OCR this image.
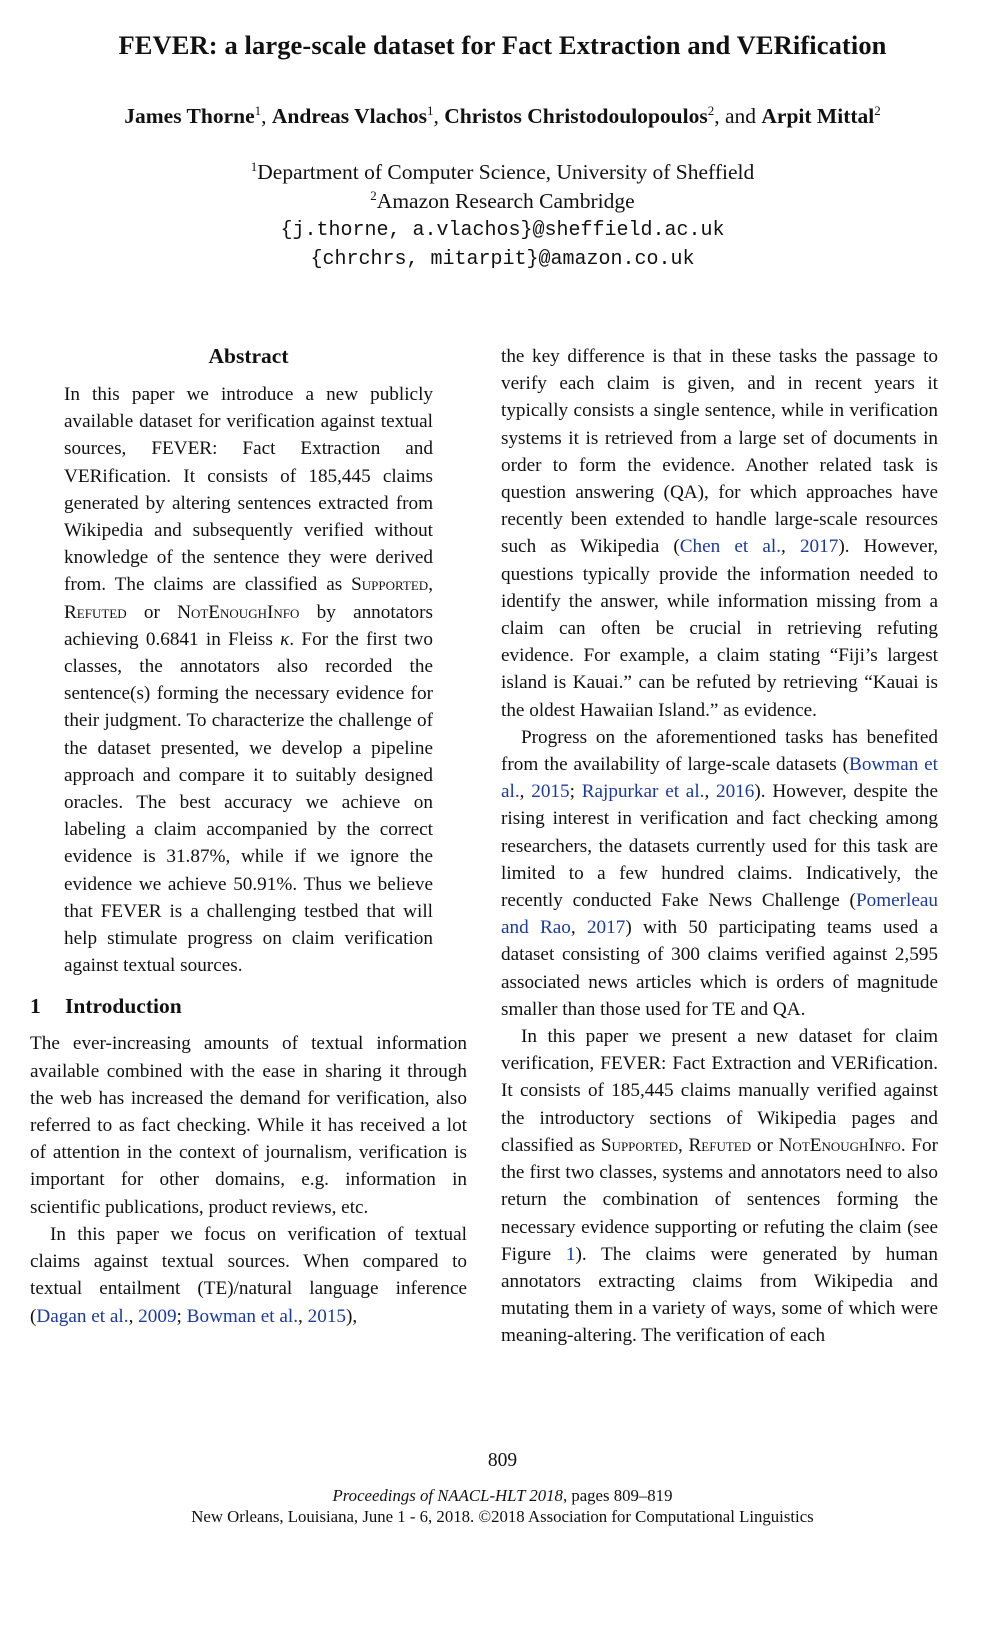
FEVER: a large-scale dataset for Fact Extraction and VERification
James Thorne$^1$, Andreas Vlachos$^1$, Christos Christodoulopoulos$^2$, and Arpit Mittal$^2$
$^1$Department of Computer Science, University of Sheffield
$^2$Amazon Research Cambridge
{j.thorne, a.vlachos}@sheffield.ac.uk
{chrchrs, mitarpit}@amazon.co.uk
Abstract

In this paper we introduce a new publicly available dataset for verification against textual sources, FEVER: Fact Extraction and VERification. It consists of 185,445 claims generated by altering sentences extracted from Wikipedia and subsequently verified without knowledge of the sentence they were derived from. The claims are classified as Supported, Refuted or NotEnoughInfo by annotators achieving 0.6841 in Fleiss κ. For the first two classes, the annotators also recorded the sentence(s) forming the necessary evidence for their judgment. To characterize the challenge of the dataset presented, we develop a pipeline approach and compare it to suitably designed oracles. The best accuracy we achieve on labeling a claim accompanied by the correct evidence is 31.87%, while if we ignore the evidence we achieve 50.91%. Thus we believe that FEVER is a challenging testbed that will help stimulate progress on claim verification against textual sources.

1 Introduction

The ever-increasing amounts of textual information available combined with the ease in sharing it through the web has increased the demand for verification, also referred to as fact checking. While it has received a lot of attention in the context of journalism, verification is important for other domains, e.g. information in scientific publications, product reviews, etc.

In this paper we focus on verification of textual claims against textual sources. When compared to textual entailment (TE)/natural language inference (Dagan et al., 2009; Bowman et al., 2015),

the key difference is that in these tasks the passage to verify each claim is given, and in recent years it typically consists a single sentence, while in verification systems it is retrieved from a large set of documents in order to form the evidence. Another related task is question answering (QA), for which approaches have recently been extended to handle large-scale resources such as Wikipedia (Chen et al., 2017). However, questions typically provide the information needed to identify the answer, while information missing from a claim can often be crucial in retrieving refuting evidence. For example, a claim stating “Fiji’s largest island is Kauai.” can be refuted by retrieving “Kauai is the oldest Hawaiian Island.” as evidence.

Progress on the aforementioned tasks has benefited from the availability of large-scale datasets (Bowman et al., 2015; Rajpurkar et al., 2016). However, despite the rising interest in verification and fact checking among researchers, the datasets currently used for this task are limited to a few hundred claims. Indicatively, the recently conducted Fake News Challenge (Pomerleau and Rao, 2017) with 50 participating teams used a dataset consisting of 300 claims verified against 2,595 associated news articles which is orders of magnitude smaller than those used for TE and QA.

In this paper we present a new dataset for claim verification, FEVER: Fact Extraction and VERification. It consists of 185,445 claims manually verified against the introductory sections of Wikipedia pages and classified as Supported, Refuted or NotEnoughInfo. For the first two classes, systems and annotators need to also return the combination of sentences forming the necessary evidence supporting or refuting the claim (see Figure 1). The claims were generated by human annotators extracting claims from Wikipedia and mutating them in a variety of ways, some of which were meaning-altering. The verification of each

809
Proceedings of NAACL-HLT 2018, pages 809–819
New Orleans, Louisiana, June 1 - 6, 2018. ©2018 Association for Computational Linguistics
